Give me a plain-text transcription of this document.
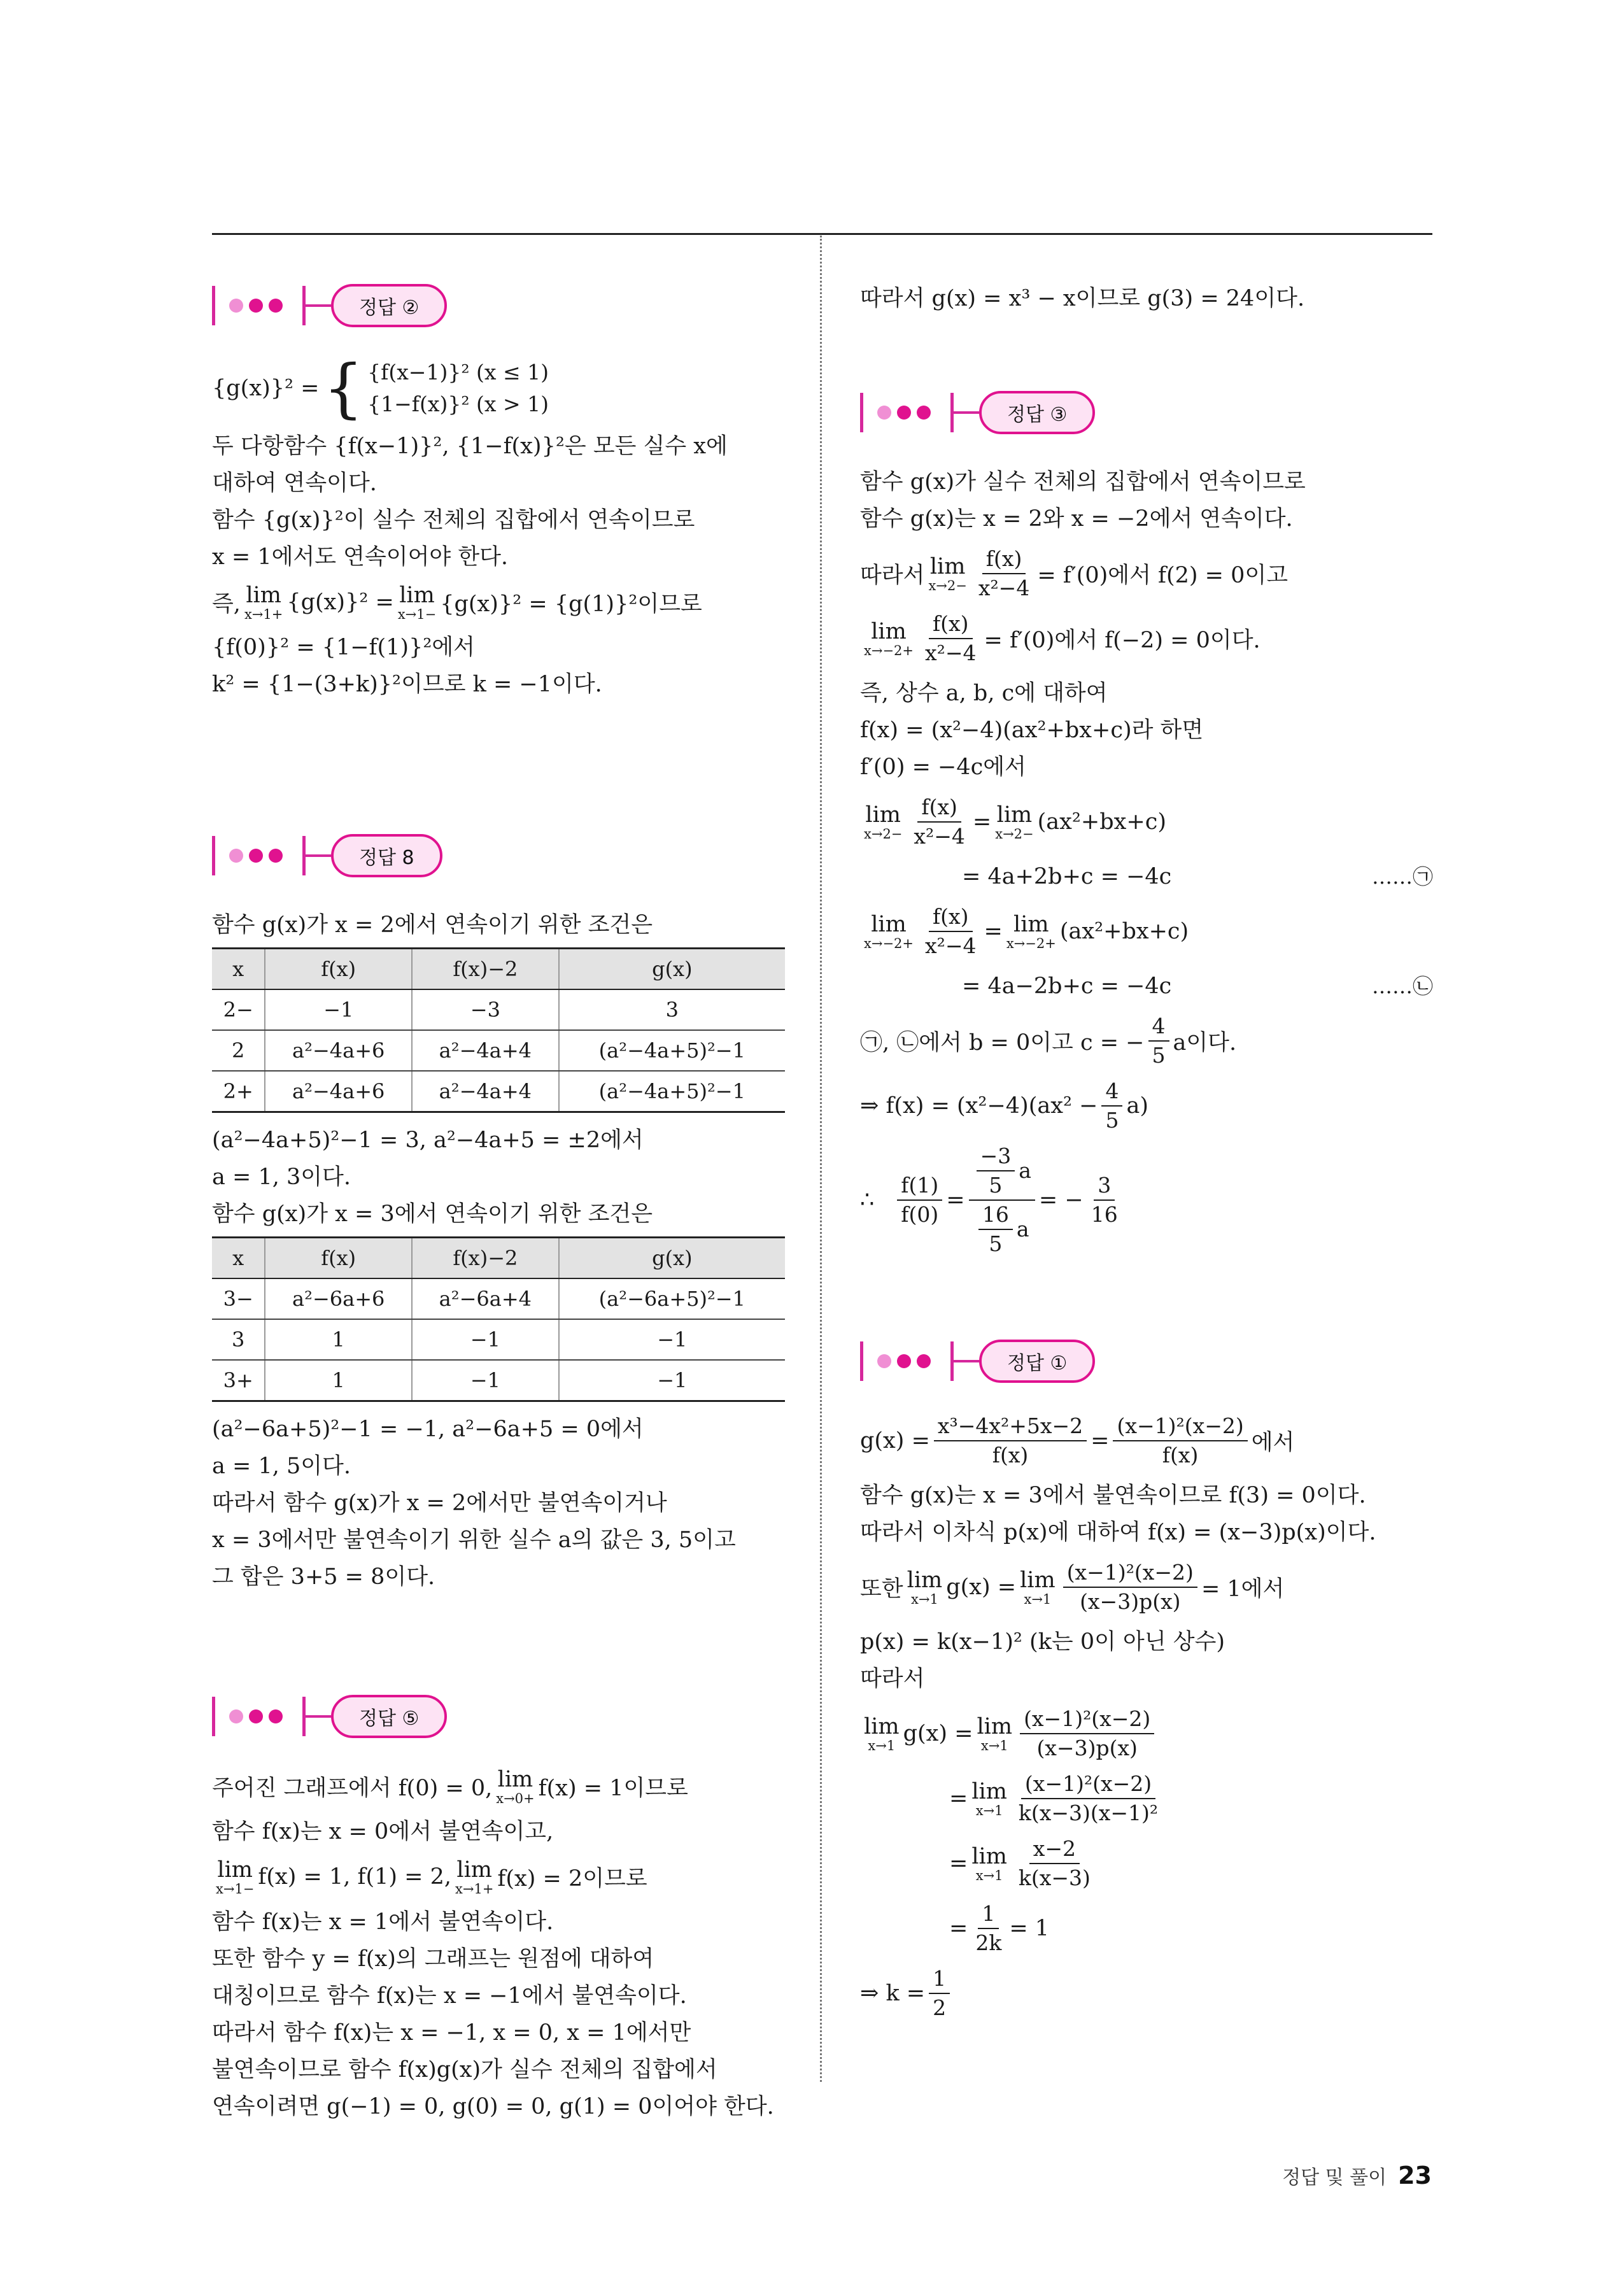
정답 ②
{g(x)}² = { {f(x−1)}² (x ≤ 1)
{1−f(x)}² (x > 1)
두 다항함수 {f(x−1)}², {1−f(x)}²은 모든 실수 x에
대하여 연속이다.
함수 {g(x)}²이 실수 전체의 집합에서 연속이므로
x = 1에서도 연속이어야 한다.
즉, lim
x→1+ {g(x)}² = lim
x→1− {g(x)}² = {g(1)}²이므로
{f(0)}² = {1−f(1)}²에서
k² = {1−(3+k)}²이므로 k = −1이다.
정답 8
함수 g(x)가 x = 2에서 연속이기 위한 조건은
x	f(x)	f(x)−2	g(x)
2−	−1	−3	3
2	a²−4a+6	a²−4a+4	(a²−4a+5)²−1
2+	a²−4a+6	a²−4a+4	(a²−4a+5)²−1
(a²−4a+5)²−1 = 3, a²−4a+5 = ±2에서
a = 1, 3이다.
함수 g(x)가 x = 3에서 연속이기 위한 조건은
x	f(x)	f(x)−2	g(x)
3−	a²−6a+6	a²−6a+4	(a²−6a+5)²−1
3	1	−1	−1
3+	1	−1	−1
(a²−6a+5)²−1 = −1, a²−6a+5 = 0에서
a = 1, 5이다.
따라서 함수 g(x)가 x = 2에서만 불연속이거나
x = 3에서만 불연속이기 위한 실수 a의 값은 3, 5이고
그 합은 3+5 = 8이다.
정답 ⑤
주어진 그래프에서 f(0) = 0, lim
x→0+ f(x) = 1이므로
함수 f(x)는 x = 0에서 불연속이고,
lim
x→1− f(x) = 1, f(1) = 2, lim
x→1+ f(x) = 2이므로
함수 f(x)는 x = 1에서 불연속이다.
또한 함수 y = f(x)의 그래프는 원점에 대하여
대칭이므로 함수 f(x)는 x = −1에서 불연속이다.
따라서 함수 f(x)는 x = −1, x = 0, x = 1에서만
불연속이므로 함수 f(x)g(x)가 실수 전체의 집합에서
연속이려면 g(−1) = 0, g(0) = 0, g(1) = 0이어야 한다.
따라서 g(x) = x³ − x이므로 g(3) = 24이다.
정답 ③
함수 g(x)가 실수 전체의 집합에서 연속이므로
함수 g(x)는 x = 2와 x = −2에서 연속이다.
따라서 lim
$x\to 2- \frac{f(x)}{\text{x²−4}} = f'(0)$에서 f(2) = 0이고
lim
$x\to-2+ \frac{f(x)}{\text{x²−4}} = f'(0)$에서 f(−2) = 0이다.
즉, 상수 a, b, c에 대하여
f(x) = (x²−4)(ax²+bx+c)라 하면
f′(0) = −4c에서
lim
$x\to 2- \frac{f(x)}{\text{x²−4}} = \lim$
x→2− (ax²+bx+c)
= 4a+2b+c = −4c	……㉠
lim
$x\to-2+ \frac{f(x)}{\text{x²−4}} = \lim$
x→−2+ (ax²+bx+c)
= 4a−2b+c = −4c	……㉡
㉠, ㉡에서 b = 0이고 c = − $\frac{4}{5}$ a이다.
⇒ $f(x) = (x^2-4)(ax^2 - \frac{4}{5} a)$
∴ $\frac{f(1)}{f(0)} = \frac{\frac{-3}{5} a}{\frac{16}{5} a}$ = − $\frac{3}{16}$
정답 ①
$g(x) = \frac{\text{x³−4x²+5x−2}}{f(x)} = \frac{\text{(x−1)²(x−2)}}{f(x)}$ 에서
함수 g(x)는 x = 3에서 불연속이므로 f(3) = 0이다.
따라서 이차식 p(x)에 대하여 f(x) = (x−3)p(x)이다.
또한 lim
x→1 g(x) = lim
$x\to 1 \frac{\text{(x−1)²(x−2)}}{(x-3)p(x)} = 1$에서
p(x) = k(x−1)² (k는 0이 아닌 상수)
따라서
lim
x→1 g(x) = lim
$x\to 1 \frac{\text{(x−1)²(x−2)}}{(x-3)p(x)}$
= lim
$x\to 1 \frac{\text{(x−1)²(x−2)}}{\text{k(x−3)(x−1)²}}$
= lim
$x\to 1 \frac{x-2}{k(x-3)}$
= $\frac{1}{2k} = 1$
⇒ $k = \frac{1}{2}$
정답 및 풀이 23
